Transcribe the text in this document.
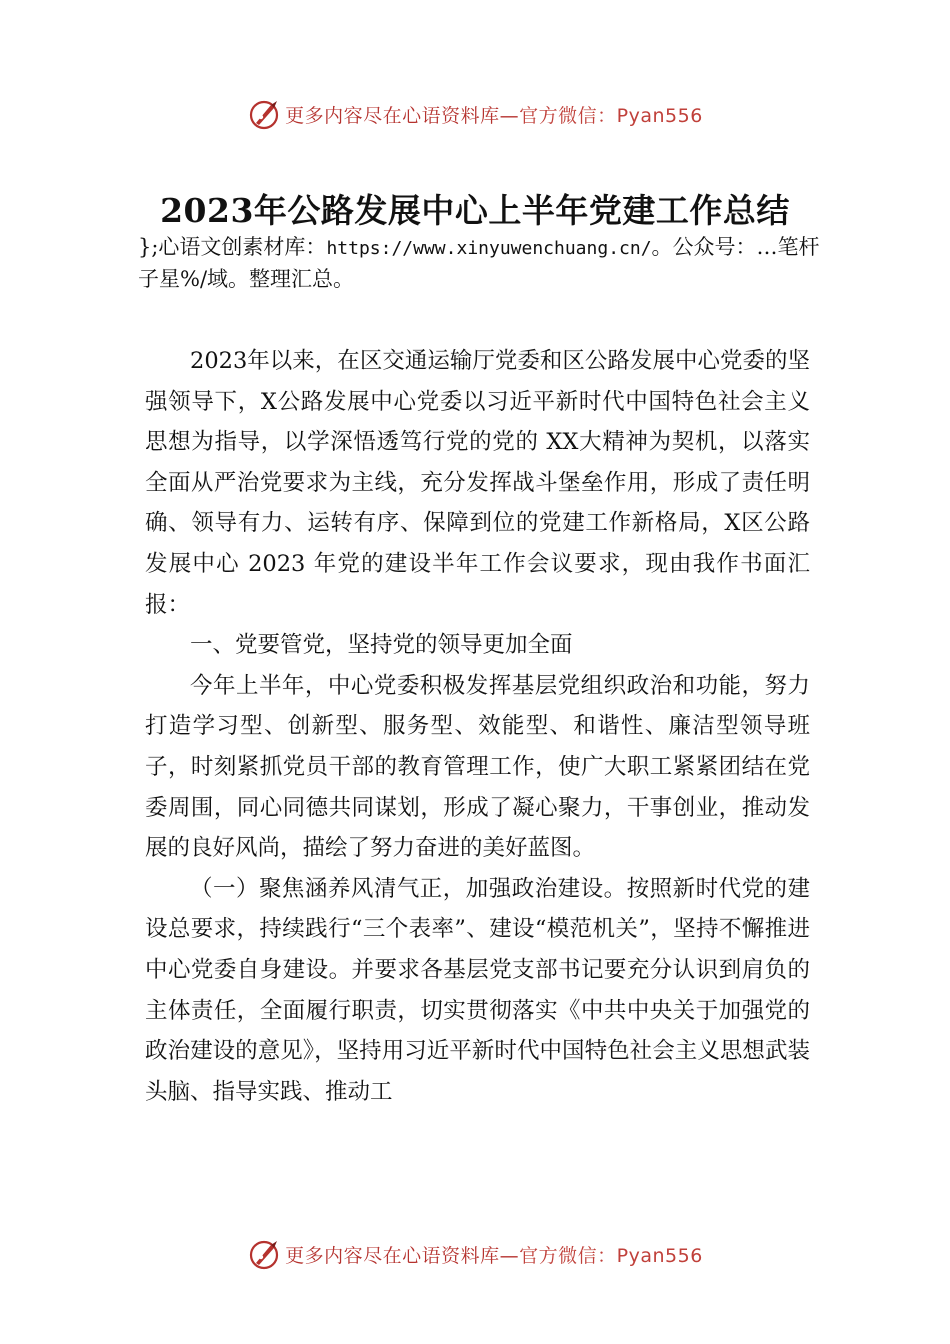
更多内容尽在心语资料库—官方微信：Pyan556
2023年公路发展中心上半年党建工作总结
};心语文创素材库：https://www.xinyuwenchuang.cn/。公众号：…笔杆子星%/域。整理汇总。

2023年以来，在区交通运输厅党委和区公路发展中心党委的坚强领导下，X公路发展中心党委以习近平新时代中国特色社会主义思想为指导，以学深悟透笃行党的党的 XX大精神为契机，以落实全面从严治党要求为主线，充分发挥战斗堡垒作用，形成了责任明确、领导有力、运转有序、保障到位的党建工作新格局，X区公路发展中心 2023 年党的建设半年工作会议要求，现由我作书面汇报：

一、党要管党，坚持党的领导更加全面

今年上半年，中心党委积极发挥基层党组织政治和功能，努力打造学习型、创新型、服务型、效能型、和谐性、廉洁型领导班子，时刻紧抓党员干部的教育管理工作，使广大职工紧紧团结在党委周围，同心同德共同谋划，形成了凝心聚力，干事创业，推动发展的良好风尚，描绘了努力奋进的美好蓝图。

（一）聚焦涵养风清气正，加强政治建设。按照新时代党的建设总要求，持续践行“三个表率”、建设“模范机关”，坚持不懈推进中心党委自身建设。并要求各基层党支部书记要充分认识到肩负的主体责任，全面履行职责，切实贯彻落实《中共中央关于加强党的政治建设的意见》，坚持用习近平新时代中国特色社会主义思想武装头脑、指导实践、推动工

更多内容尽在心语资料库—官方微信：Pyan556
